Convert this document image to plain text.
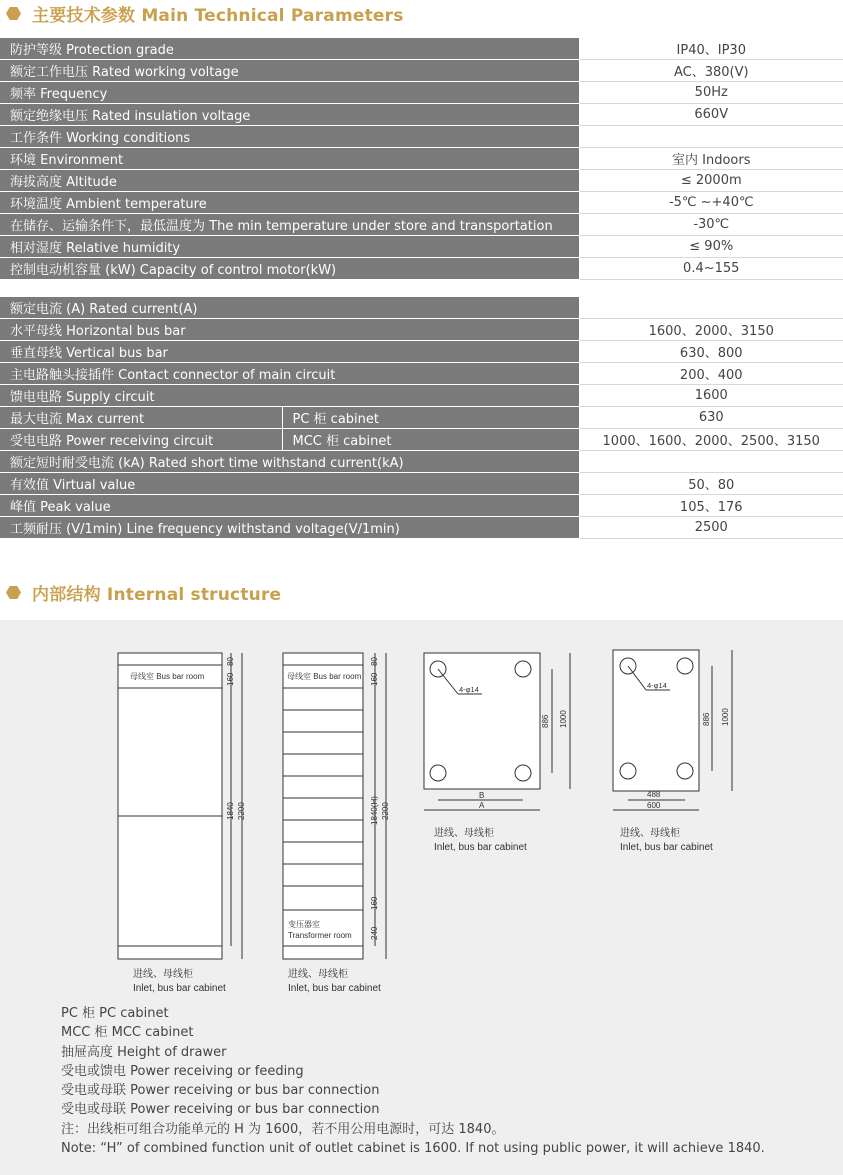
主要技术参数 Main Technical Parameters
防护等级 Protection grade	IP40、IP30
额定工作电压 Rated working voltage	AC、380(V)
频率 Frequency	50Hz
额定绝缘电压 Rated insulation voltage	660V
工作条件 Working conditions	
环境 Environment	室内 Indoors
海拔高度 Altitude	≤ 2000m
环境温度 Ambient temperature	-5℃ ~+40℃
在储存、运输条件下，最低温度为 The min temperature under store and transportation	-30℃
相对湿度 Relative humidity	≤ 90%
控制电动机容量 (kW) Capacity of control motor(kW)	0.4~155
额定电流 (A) Rated current(A)		
水平母线 Horizontal bus bar		1600、2000、3150
垂直母线 Vertical bus bar		630、800
主电路触头接插件 Contact connector of main circuit		200、400
馈电电路 Supply circuit		1600
最大电流 Max current	PC 柜 cabinet	630
受电电路 Power receiving circuit	MCC 柜 cabinet	1000、1600、2000、2500、3150
额定短时耐受电流 (kA) Rated short time withstand current(kA)		
有效值 Virtual value		50、80
峰值 Peak value		105、176
工频耐压 (V/1min) Line frequency withstand voltage(V/1min)		2500
内部结构 Internal structure
母线室 Bus bar room
80
160
1840 2200
进线、母线柜
Inlet, bus bar cabinet
母线室 Bus bar room
变压器室
Transformer room
80
160
1840(H) 2200
160
240
进线、母线柜
Inlet, bus bar cabinet
4-φ14
886 1000
B
A
进线、母线柜
Inlet, bus bar cabinet
4-φ14
886 1000
488
600
进线、母线柜
Inlet, bus bar cabinet
PC 柜 PC cabinet
MCC 柜 MCC cabinet
抽屉高度 Height of drawer
受电或馈电 Power receiving or feeding
受电或母联 Power receiving or bus bar connection
受电或母联 Power receiving or bus bar connection
注：出线柜可组合功能单元的 H 为 1600，若不用公用电源时，可达 1840。
Note: “H” of combined function unit of outlet cabinet is 1600. If not using public power, it will achieve 1840.
